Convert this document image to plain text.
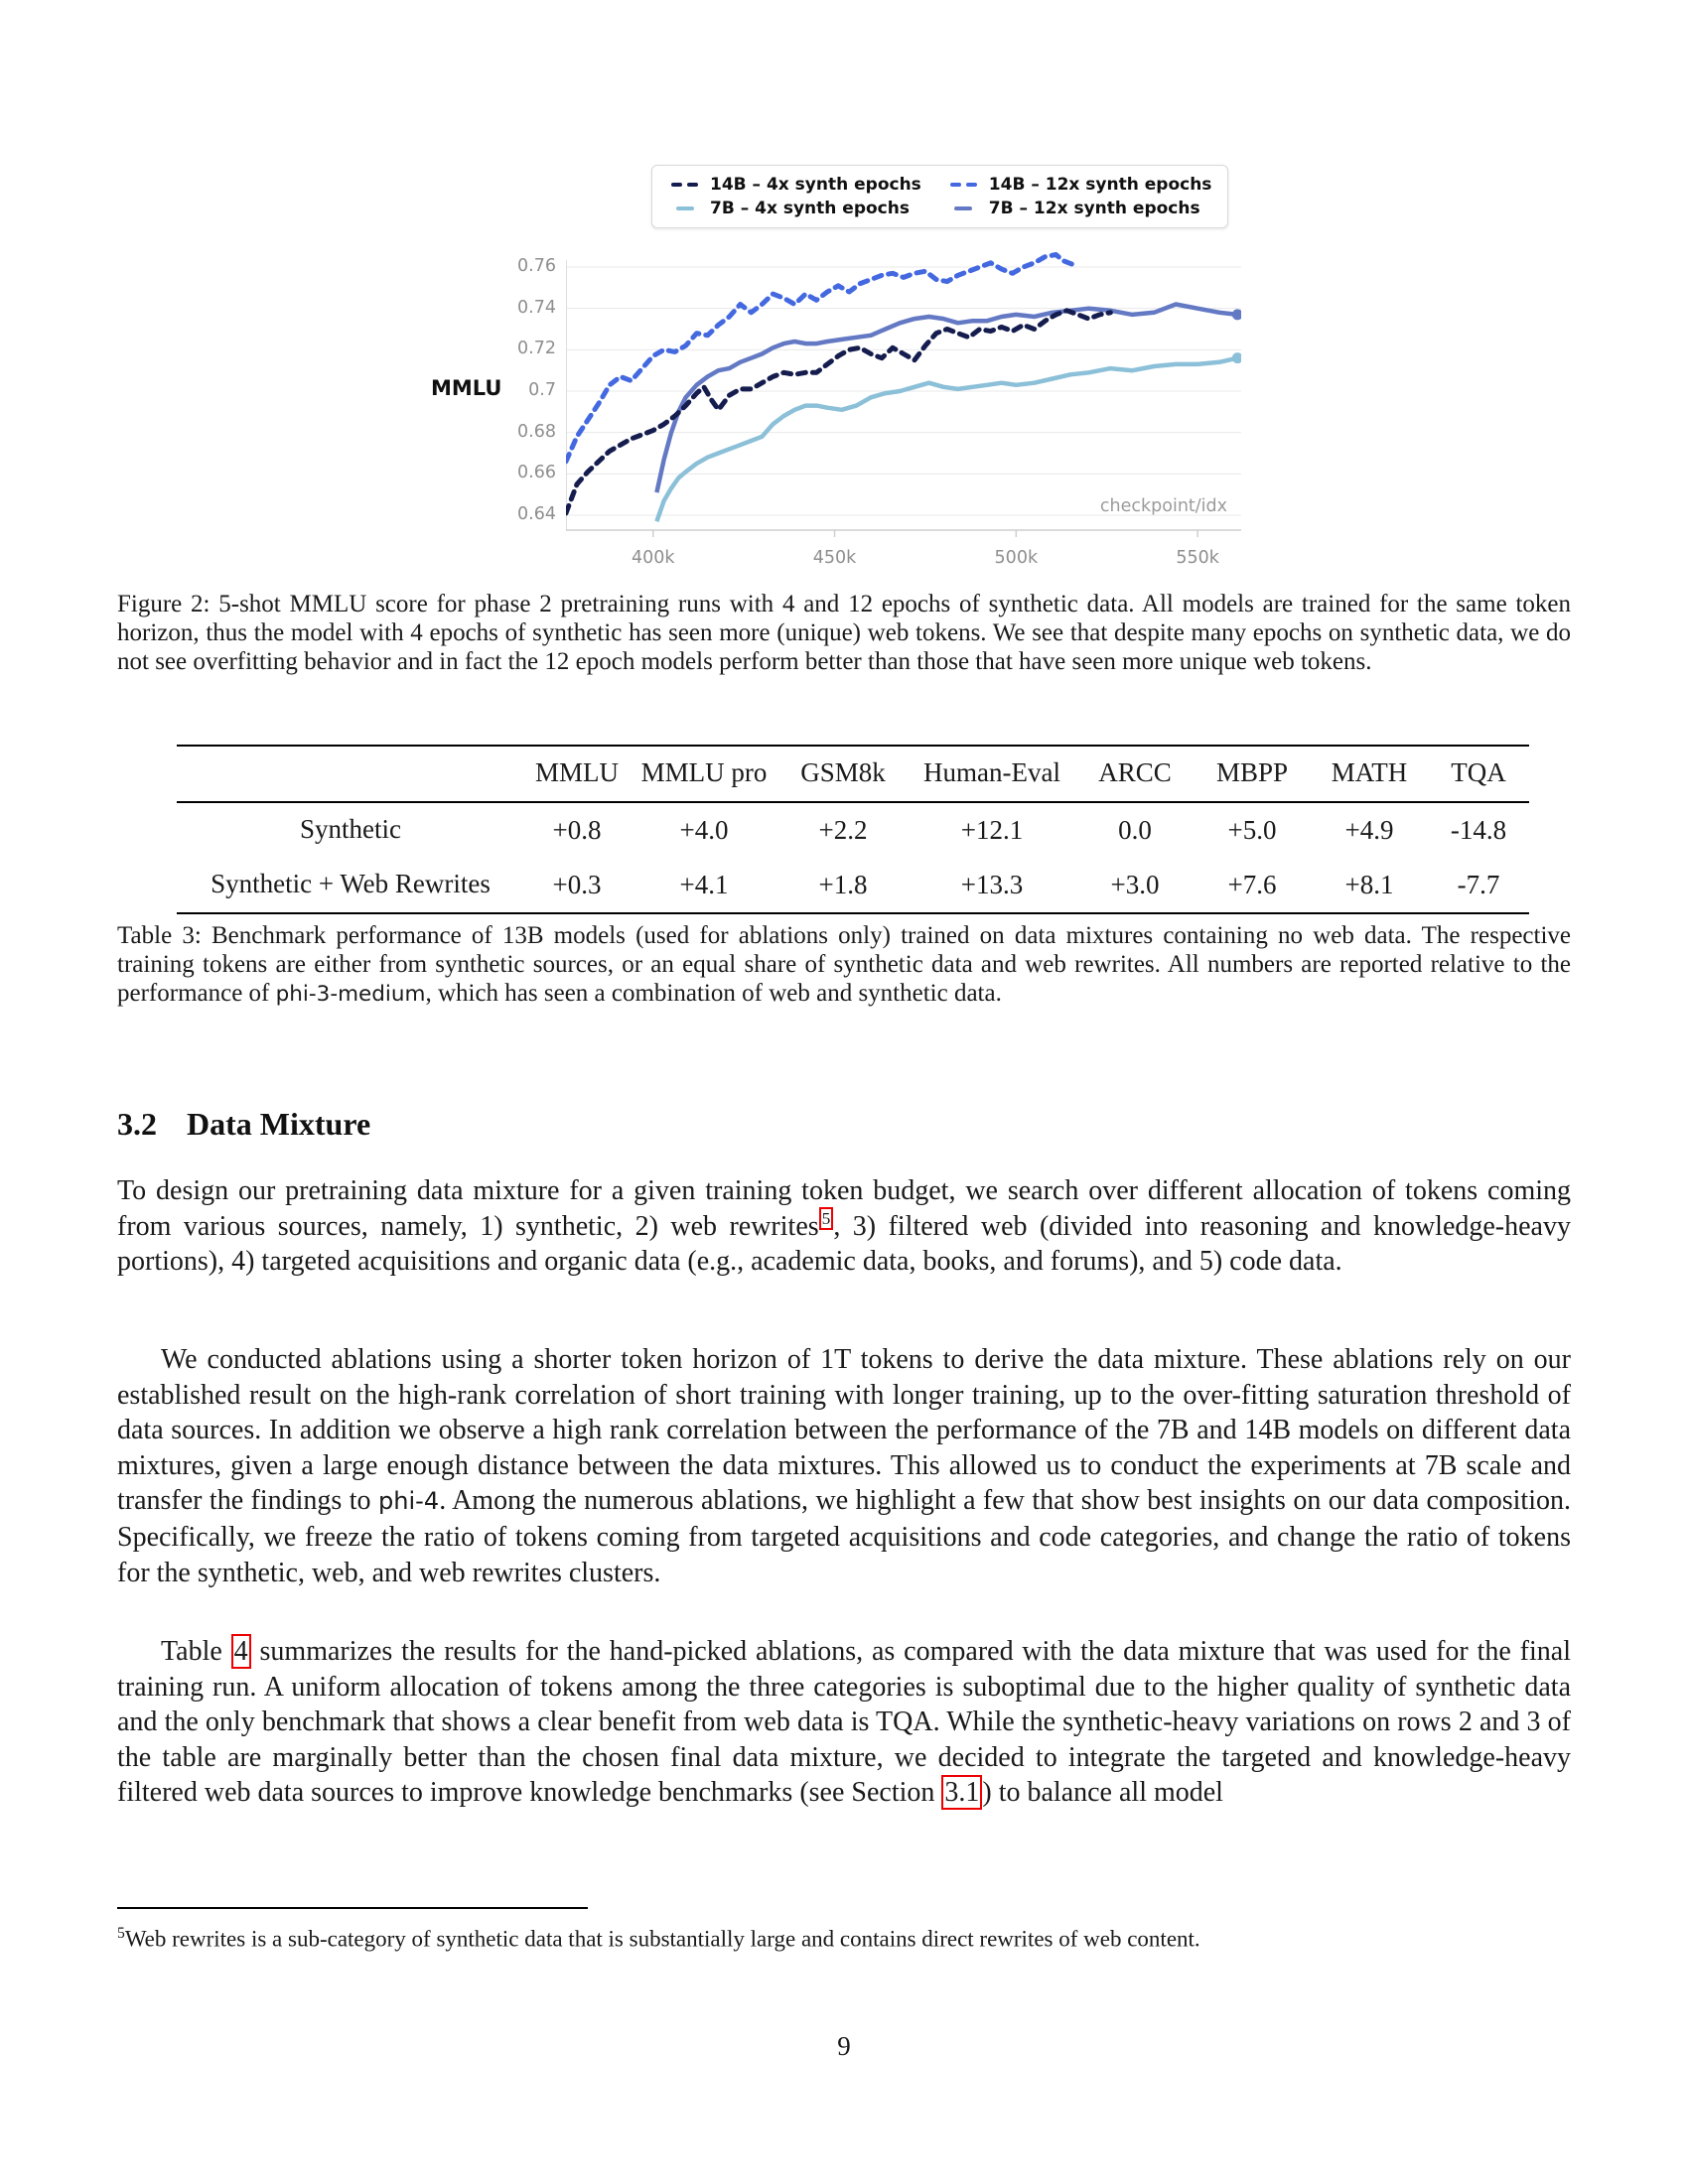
14B – 4x synth epochs	14B – 12x synth epochs
7B – 4x synth epochs	7B – 12x synth epochs
MMLU
0.76
0.74
0.72
0.7
0.68
0.66
0.64	checkpoint/idx
400k	450k	500k	550k
Figure 2: 5-shot MMLU score for phase 2 pretraining runs with 4 and 12 epochs of synthetic data. All models are trained for the same token horizon, thus the model with 4 epochs of synthetic has seen more (unique) web tokens. We see that despite many epochs on synthetic data, we do not see overfitting behavior and in fact the 12 epoch models perform better than those that have seen more unique web tokens.
	MMLU	MMLU pro	GSM8k	Human-Eval	ARCC	MBPP	MATH	TQA
Synthetic	+0.8	+4.0	+2.2	+12.1	0.0	+5.0	+4.9	-14.8
Synthetic + Web Rewrites	+0.3	+4.1	+1.8	+13.3	+3.0	+7.6	+8.1	-7.7
Table 3: Benchmark performance of 13B models (used for ablations only) trained on data mixtures containing no web data. The respective training tokens are either from synthetic sources, or an equal share of synthetic data and web rewrites. All numbers are reported relative to the performance of phi-3-medium, which has seen a combination of web and synthetic data.
3.2 Data Mixture
To design our pretraining data mixture for a given training token budget, we search over different allocation of tokens coming from various sources, namely, 1) synthetic, 2) web rewrites $^5$ , 3) filtered web (divided into reasoning and knowledge-heavy portions), 4) targeted acquisitions and organic data (e.g., academic data, books, and forums), and 5) code data.
We conducted ablations using a shorter token horizon of 1T tokens to derive the data mixture. These ablations rely on our established result on the high-rank correlation of short training with longer training, up to the over-fitting saturation threshold of data sources. In addition we observe a high rank correlation between the performance of the 7B and 14B models on different data mixtures, given a large enough distance between the data mixtures. This allowed us to conduct the experiments at 7B scale and transfer the findings to phi-4. Among the numerous ablations, we highlight a few that show best insights on our data composition. Specifically, we freeze the ratio of tokens coming from targeted acquisitions and code categories, and change the ratio of tokens for the synthetic, web, and web rewrites clusters.
Table 4 summarizes the results for the hand-picked ablations, as compared with the data mixture that was used for the final training run. A uniform allocation of tokens among the three categories is suboptimal due to the higher quality of synthetic data and the only benchmark that shows a clear benefit from web data is TQA. While the synthetic-heavy variations on rows 2 and 3 of the table are marginally better than the chosen final data mixture, we decided to integrate the targeted and knowledge-heavy filtered web data sources to improve knowledge benchmarks (see Section 3.1 ) to balance all model
$^5$Web rewrites is a sub-category of synthetic data that is substantially large and contains direct rewrites of web content.
9
